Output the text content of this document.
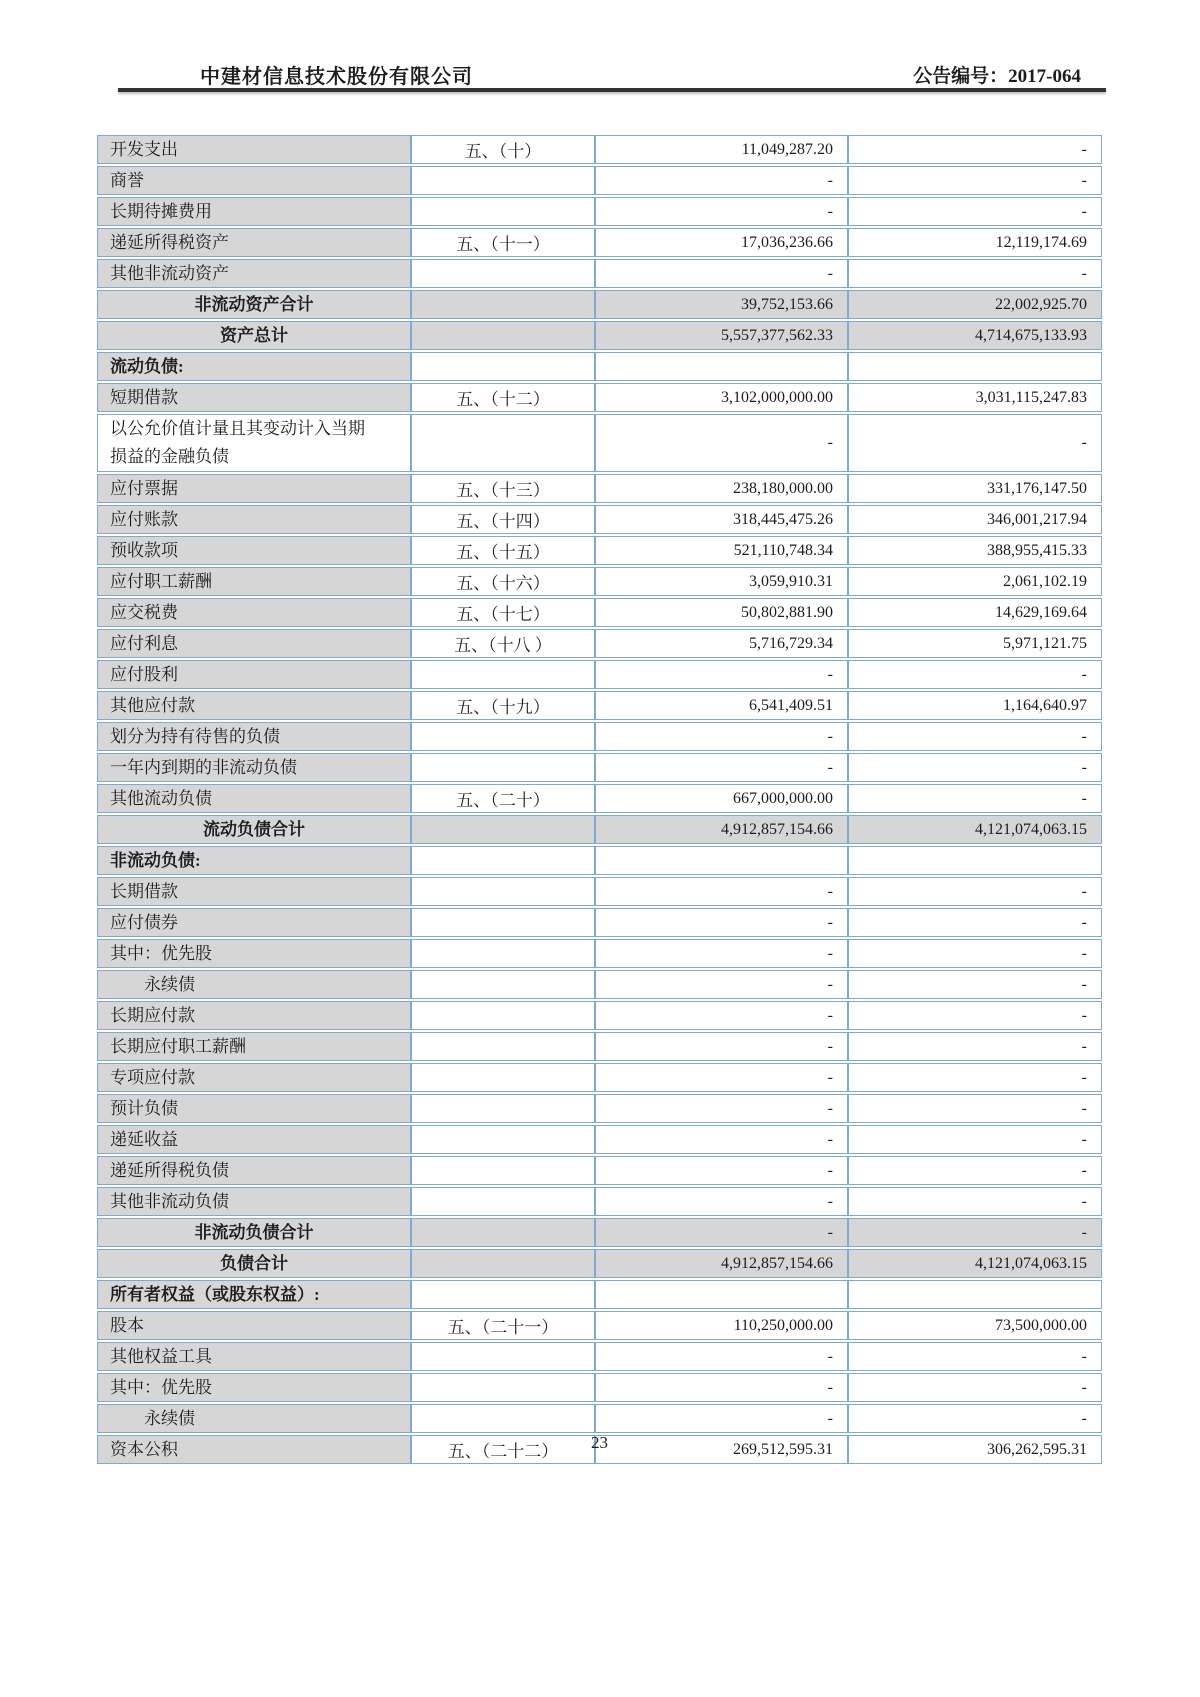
中建材信息技术股份有限公司	公告编号：2017-064
开发支出	五、（十）	11,049,287.20	-
商誉		-	-
长期待摊费用		-	-
递延所得税资产	五、（十一）	17,036,236.66	12,119,174.69
其他非流动资产		-	-
非流动资产合计		39,752,153.66	22,002,925.70
资产总计		5,557,377,562.33	4,714,675,133.93
流动负债:			
短期借款	五、（十二）	3,102,000,000.00	3,031,115,247.83
以公允价值计量且其变动计入当期损益的金融负债		-	-
应付票据	五、（十三）	238,180,000.00	331,176,147.50
应付账款	五、（十四）	318,445,475.26	346,001,217.94
预收款项	五、（十五）	521,110,748.34	388,955,415.33
应付职工薪酬	五、（十六）	3,059,910.31	2,061,102.19
应交税费	五、（十七）	50,802,881.90	14,629,169.64
应付利息	五、（十八 ）	5,716,729.34	5,971,121.75
应付股利		-	-
其他应付款	五、（十九）	6,541,409.51	1,164,640.97
划分为持有待售的负债		-	-
一年内到期的非流动负债		-	-
其他流动负债	五、（二十）	667,000,000.00	-
流动负债合计		4,912,857,154.66	4,121,074,063.15
非流动负债:			
长期借款		-	-
应付债券		-	-
其中：优先股		-	-
永续债		-	-
长期应付款		-	-
长期应付职工薪酬		-	-
专项应付款		-	-
预计负债		-	-
递延收益		-	-
递延所得税负债		-	-
其他非流动负债		-	-
非流动负债合计		-	-
负债合计		4,912,857,154.66	4,121,074,063.15
所有者权益（或股东权益）:			
股本	五、（二十一）	110,250,000.00	73,500,000.00
其他权益工具		-	-
其中：优先股		-	-
永续债		-	-
资本公积	五、（二十二）	269,512,595.31	306,262,595.31
23
